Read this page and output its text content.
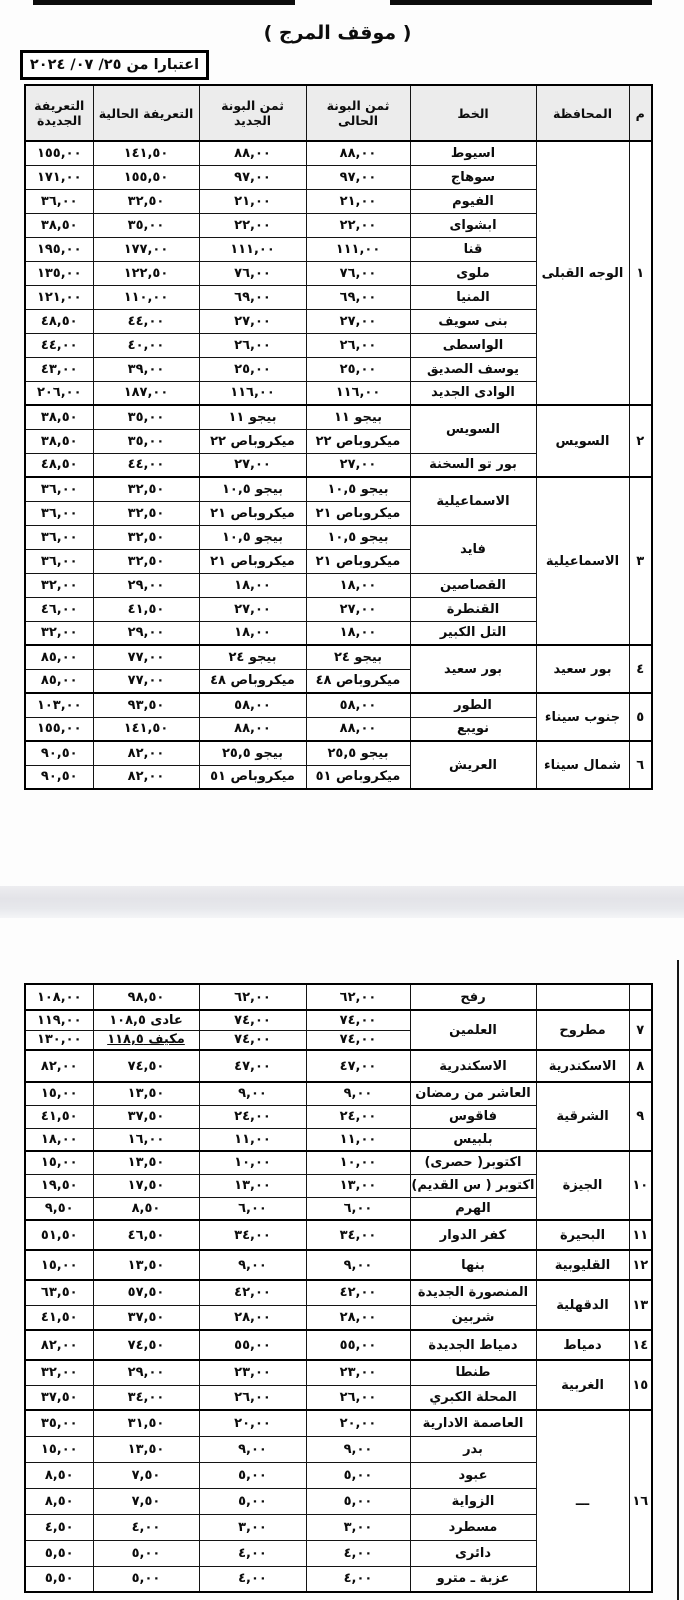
( موقف المرج )
اعتبارا من ٢٥/ ٠٧/ ٢٠٢٤
م	المحافظة	الخط	ثمن البونة الحالى	ثمن البونة الجديد	التعريفة الحالية	التعريفة الجديدة
١	الوجه القبلى	اسيوط	٨٨,٠٠	٨٨,٠٠	١٤١,٥٠	١٥٥,٠٠
		سوهاج	٩٧,٠٠	٩٧,٠٠	١٥٥,٥٠	١٧١,٠٠
		الفيوم	٢١,٠٠	٢١,٠٠	٣٢,٥٠	٣٦,٠٠
		ابشواى	٢٢,٠٠	٢٢,٠٠	٣٥,٠٠	٣٨,٥٠
		قنا	١١١,٠٠	١١١,٠٠	١٧٧,٠٠	١٩٥,٠٠
		ملوى	٧٦,٠٠	٧٦,٠٠	١٢٢,٥٠	١٣٥,٠٠
		المنيا	٦٩,٠٠	٦٩,٠٠	١١٠,٠٠	١٢١,٠٠
		بنى سويف	٢٧,٠٠	٢٧,٠٠	٤٤,٠٠	٤٨,٥٠
		الواسطى	٢٦,٠٠	٢٦,٠٠	٤٠,٠٠	٤٤,٠٠
		يوسف الصديق	٢٥,٠٠	٢٥,٠٠	٣٩,٠٠	٤٣,٠٠
		الوادى الجديد	١١٦,٠٠	١١٦,٠٠	١٨٧,٠٠	٢٠٦,٠٠
٢	السويس	السويس	بيجو ١١	بيجو ١١	٣٥,٠٠	٣٨,٥٠
			ميكروباص ٢٢	ميكروباص ٢٢	٣٥,٠٠	٣٨,٥٠
		بور تو السخنة	٢٧,٠٠	٢٧,٠٠	٤٤,٠٠	٤٨,٥٠
٣	الاسماعيلية	الاسماعيلية	بيجو ١٠,٥	بيجو ١٠,٥	٣٢,٥٠	٣٦,٠٠
			ميكروباص ٢١	ميكروباص ٢١	٣٢,٥٠	٣٦,٠٠
		فايد	بيجو ١٠,٥	بيجو ١٠,٥	٣٢,٥٠	٣٦,٠٠
			ميكروباص ٢١	ميكروباص ٢١	٣٢,٥٠	٣٦,٠٠
		القصاصين	١٨,٠٠	١٨,٠٠	٢٩,٠٠	٣٢,٠٠
		القنطرة	٢٧,٠٠	٢٧,٠٠	٤١,٥٠	٤٦,٠٠
		التل الكبير	١٨,٠٠	١٨,٠٠	٢٩,٠٠	٣٢,٠٠
٤	بور سعيد	بور سعيد	بيجو ٢٤	بيجو ٢٤	٧٧,٠٠	٨٥,٠٠
			ميكروباص ٤٨	ميكروباص ٤٨	٧٧,٠٠	٨٥,٠٠
٥	جنوب سيناء	الطور	٥٨,٠٠	٥٨,٠٠	٩٣,٥٠	١٠٣,٠٠
		نويبع	٨٨,٠٠	٨٨,٠٠	١٤١,٥٠	١٥٥,٠٠
٦	شمال سيناء	العريش	بيجو ٢٥,٥	بيجو ٢٥,٥	٨٢,٠٠	٩٠,٥٠
			ميكروباص ٥١	ميكروباص ٥١	٨٢,٠٠	٩٠,٥٠
		رفح	٦٢,٠٠	٦٢,٠٠	٩٨,٥٠	١٠٨,٠٠
٧	مطروح	العلمين	٧٤,٠٠	٧٤,٠٠	عادى ١٠٨,٥	١١٩,٠٠
			٧٤,٠٠	٧٤,٠٠	مكيف ١١٨,٥	١٣٠,٠٠
٨	الاسكندرية	الاسكندرية	٤٧,٠٠	٤٧,٠٠	٧٤,٥٠	٨٢,٠٠
٩	الشرقية	العاشر من رمضان	٩,٠٠	٩,٠٠	١٣,٥٠	١٥,٠٠
		فاقوس	٢٤,٠٠	٢٤,٠٠	٣٧,٥٠	٤١,٥٠
		بلبيس	١١,٠٠	١١,٠٠	١٦,٠٠	١٨,٠٠
١٠	الجيزة	اكتوبر( حصرى)	١٠,٠٠	١٠,٠٠	١٣,٥٠	١٥,٠٠
		اكتوبر ( س القديم)	١٣,٠٠	١٣,٠٠	١٧,٥٠	١٩,٥٠
		الهرم	٦,٠٠	٦,٠٠	٨,٥٠	٩,٥٠
١١	البحيرة	كفر الدوار	٣٤,٠٠	٣٤,٠٠	٤٦,٥٠	٥١,٥٠
١٢	القليوبية	بنها	٩,٠٠	٩,٠٠	١٣,٥٠	١٥,٠٠
١٣	الدقهلية	المنصورة الجديدة	٤٢,٠٠	٤٢,٠٠	٥٧,٥٠	٦٣,٥٠
		شربين	٢٨,٠٠	٢٨,٠٠	٣٧,٥٠	٤١,٥٠
١٤	دمياط	دمياط الجديدة	٥٥,٠٠	٥٥,٠٠	٧٤,٥٠	٨٢,٠٠
١٥	الغربية	طنطا	٢٣,٠٠	٢٣,٠٠	٢٩,٠٠	٣٢,٠٠
		المحلة الكبري	٢٦,٠٠	٢٦,٠٠	٣٤,٠٠	٣٧,٥٠
١٦	ـــ	العاصمة الادارية	٢٠,٠٠	٢٠,٠٠	٣١,٥٠	٣٥,٠٠
		بدر	٩,٠٠	٩,٠٠	١٣,٥٠	١٥,٠٠
		عبود	٥,٠٠	٥,٠٠	٧,٥٠	٨,٥٠
		الزواية	٥,٠٠	٥,٠٠	٧,٥٠	٨,٥٠
		مسطرد	٣,٠٠	٣,٠٠	٤,٠٠	٤,٥٠
		دائرى	٤,٠٠	٤,٠٠	٥,٠٠	٥,٥٠
		عزبة ـ مترو	٤,٠٠	٤,٠٠	٥,٠٠	٥,٥٠
